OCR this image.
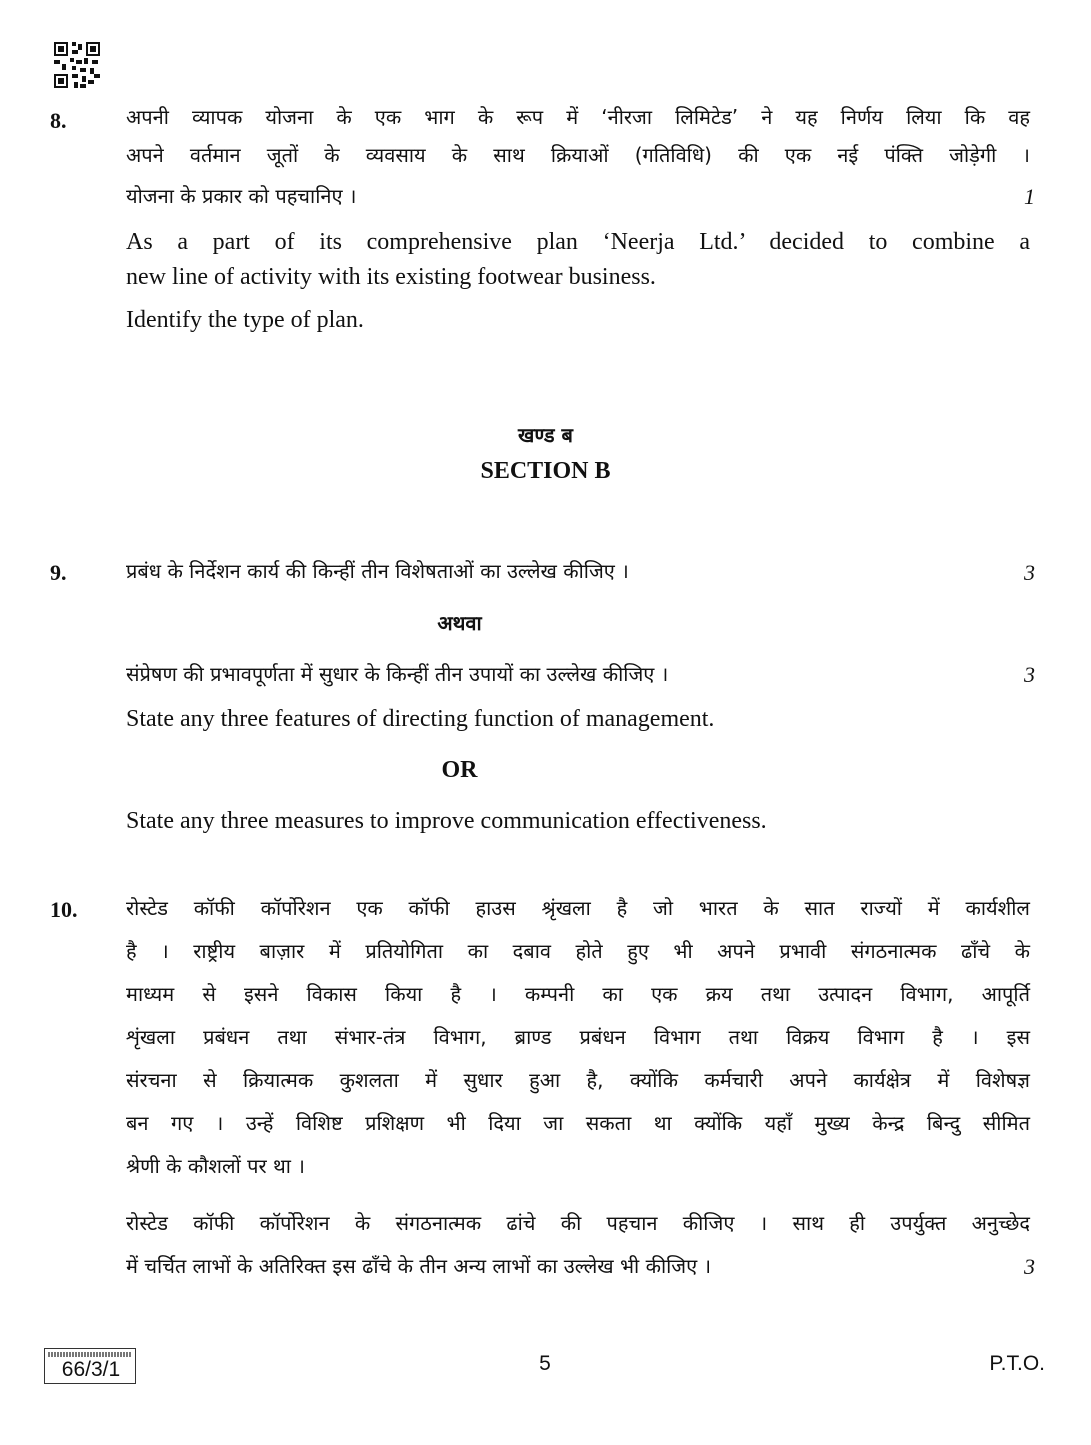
8.	अपनी व्यापक योजना के एक भाग के रूप में ‘नीरजा लिमिटेड’ ने यह निर्णय लिया कि वह
अपने वर्तमान जूतों के व्यवसाय के साथ क्रियाओं (गतिविधि) की एक नई पंक्ति जोड़ेगी ।
योजना के प्रकार को पहचानिए ।
As a part of its comprehensive plan ‘Neerja Ltd.’ decided to combine a
new line of activity with its existing footwear business.
Identify the type of plan.
1
खण्ड ब
SECTION B
9.	प्रबंध के निर्देशन कार्य की किन्हीं तीन विशेषताओं का उल्लेख कीजिए ।
संप्रेषण की प्रभावपूर्णता में सुधार के किन्हीं तीन उपायों का उल्लेख कीजिए ।
State any three features of directing function of management.
State any three measures to improve communication effectiveness.
3
अथवा
3
OR
10. रोस्टेड कॉफी कॉर्पोरेशन एक कॉफी हाउस श्रृंखला है जो भारत के सात राज्यों में कार्यशील
है । राष्ट्रीय बाज़ार में प्रतियोगिता का दबाव होते हुए भी अपने प्रभावी संगठनात्मक ढाँचे के
माध्यम से इसने विकास किया है । कम्पनी का एक क्रय तथा उत्पादन विभाग, आपूर्ति
शृंखला प्रबंधन तथा संभार-तंत्र विभाग, ब्राण्ड प्रबंधन विभाग तथा विक्रय विभाग है । इस
संरचना से क्रियात्मक कुशलता में सुधार हुआ है, क्योंकि कर्मचारी अपने कार्यक्षेत्र में विशेषज्ञ
बन गए । उन्हें विशिष्ट प्रशिक्षण भी दिया जा सकता था क्योंकि यहाँ मुख्य केन्द्र बिन्दु सीमित
श्रेणी के कौशलों पर था ।
रोस्टेड कॉफी कॉर्पोरेशन के संगठनात्मक ढांचे की पहचान कीजिए । साथ ही उपर्युक्त अनुच्छेद
में चर्चित लाभों के अतिरिक्त इस ढाँचे के तीन अन्य लाभों का उल्लेख भी कीजिए ।	3
66/3/1	5	P.T.O.
